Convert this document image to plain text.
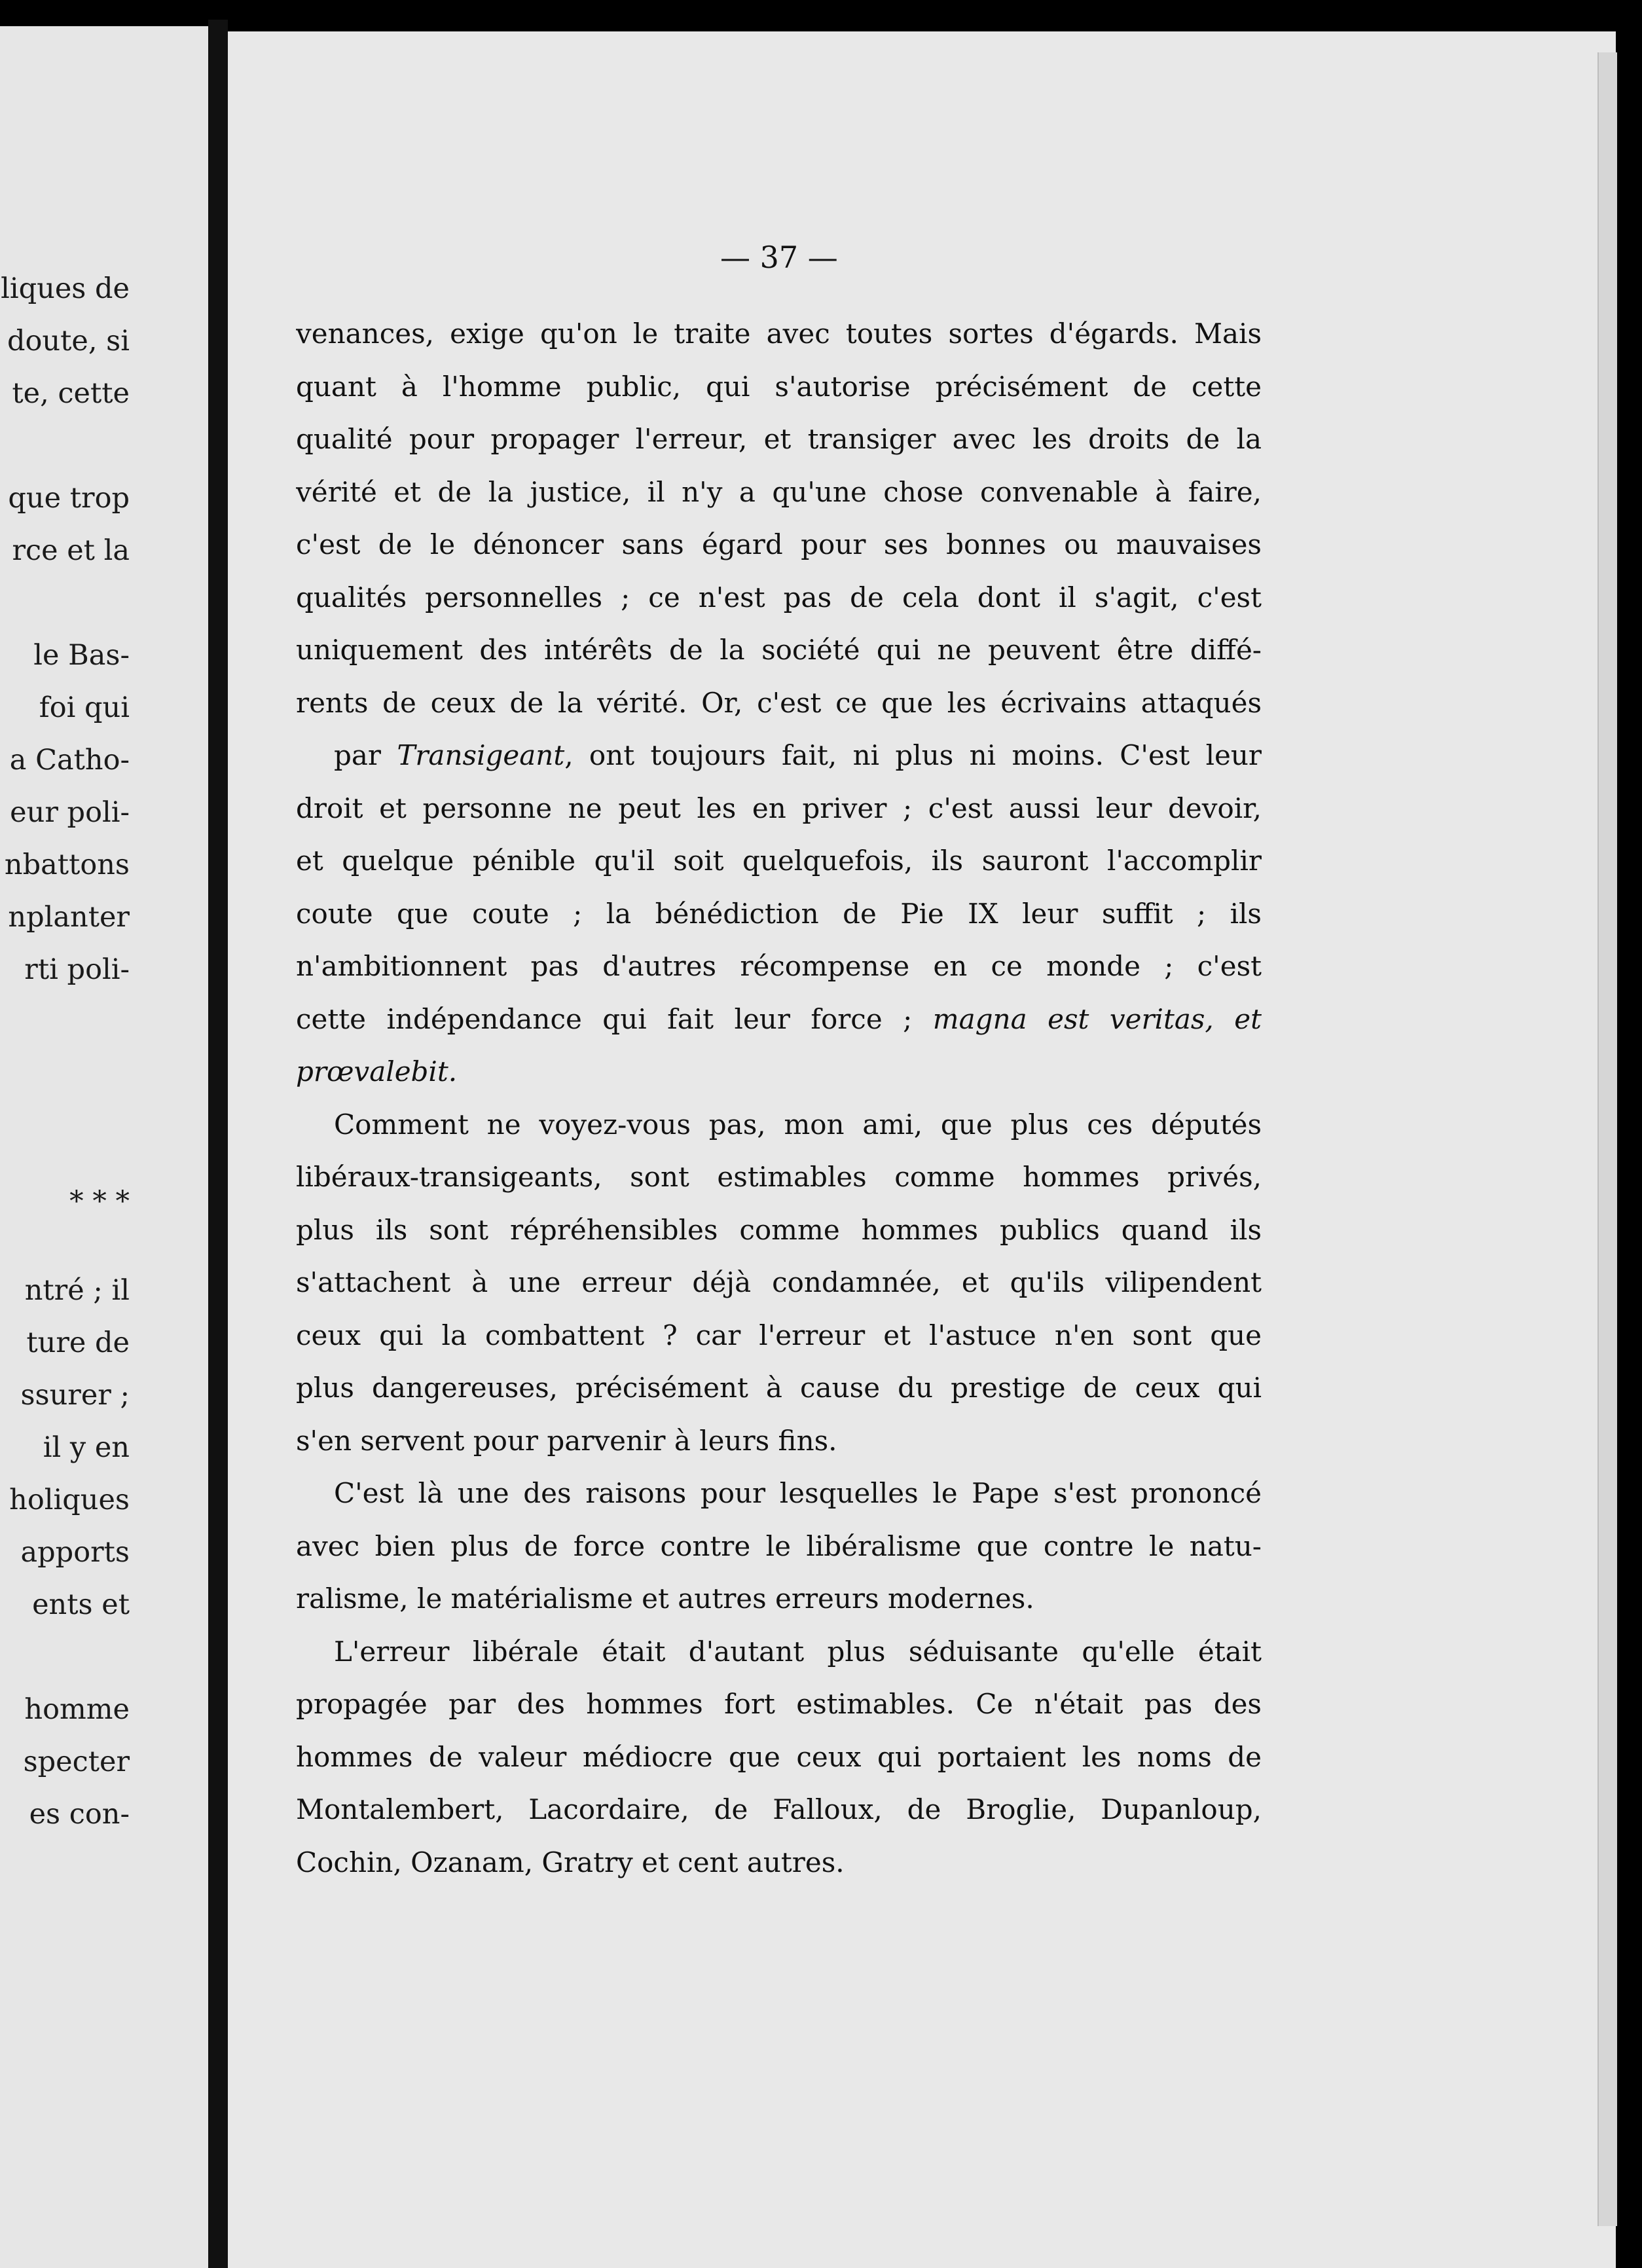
liques de
doute, si
te, cette
que trop
rce et la
le Bas-
foi qui
a Catho-
eur poli-
nbattons
nplanter
rti poli-
* * *
ntré ; il
ture de
ssurer ;
il y en
holiques
apports
ents et
homme
specter
es con-
— 37 —
venances, exige qu'on le traite avec toutes sortes d'égards. Mais
quant à l'homme public, qui s'autorise précisément de cette
qualité pour propager l'erreur, et transiger avec les droits de la
vérité et de la justice, il n'y a qu'une chose convenable à faire,
c'est de le dénoncer sans égard pour ses bonnes ou mauvaises
qualités personnelles ; ce n'est pas de cela dont il s'agit, c'est
uniquement des intérêts de la société qui ne peuvent être diffé-
rents de ceux de la vérité. Or, c'est ce que les écrivains attaqués
par Transigeant, ont toujours fait, ni plus ni moins. C'est leur
droit et personne ne peut les en priver ; c'est aussi leur devoir,
et quelque pénible qu'il soit quelquefois, ils sauront l'accomplir
coute que coute ; la bénédiction de Pie IX leur suffit ; ils
n'ambitionnent pas d'autres récompense en ce monde ; c'est
cette indépendance qui fait leur force ; magna est veritas, et
prœvalebit.
Comment ne voyez-vous pas, mon ami, que plus ces députés
libéraux-transigeants, sont estimables comme hommes privés,
plus ils sont répréhensibles comme hommes publics quand ils
s'attachent à une erreur déjà condamnée, et qu'ils vilipendent
ceux qui la combattent ? car l'erreur et l'astuce n'en sont que
plus dangereuses, précisément à cause du prestige de ceux qui
s'en servent pour parvenir à leurs fins.
C'est là une des raisons pour lesquelles le Pape s'est prononcé
avec bien plus de force contre le libéralisme que contre le natu-
ralisme, le matérialisme et autres erreurs modernes.
L'erreur libérale était d'autant plus séduisante qu'elle était
propagée par des hommes fort estimables. Ce n'était pas des
hommes de valeur médiocre que ceux qui portaient les noms de
Montalembert, Lacordaire, de Falloux, de Broglie, Dupanloup,
Cochin, Ozanam, Gratry et cent autres.
